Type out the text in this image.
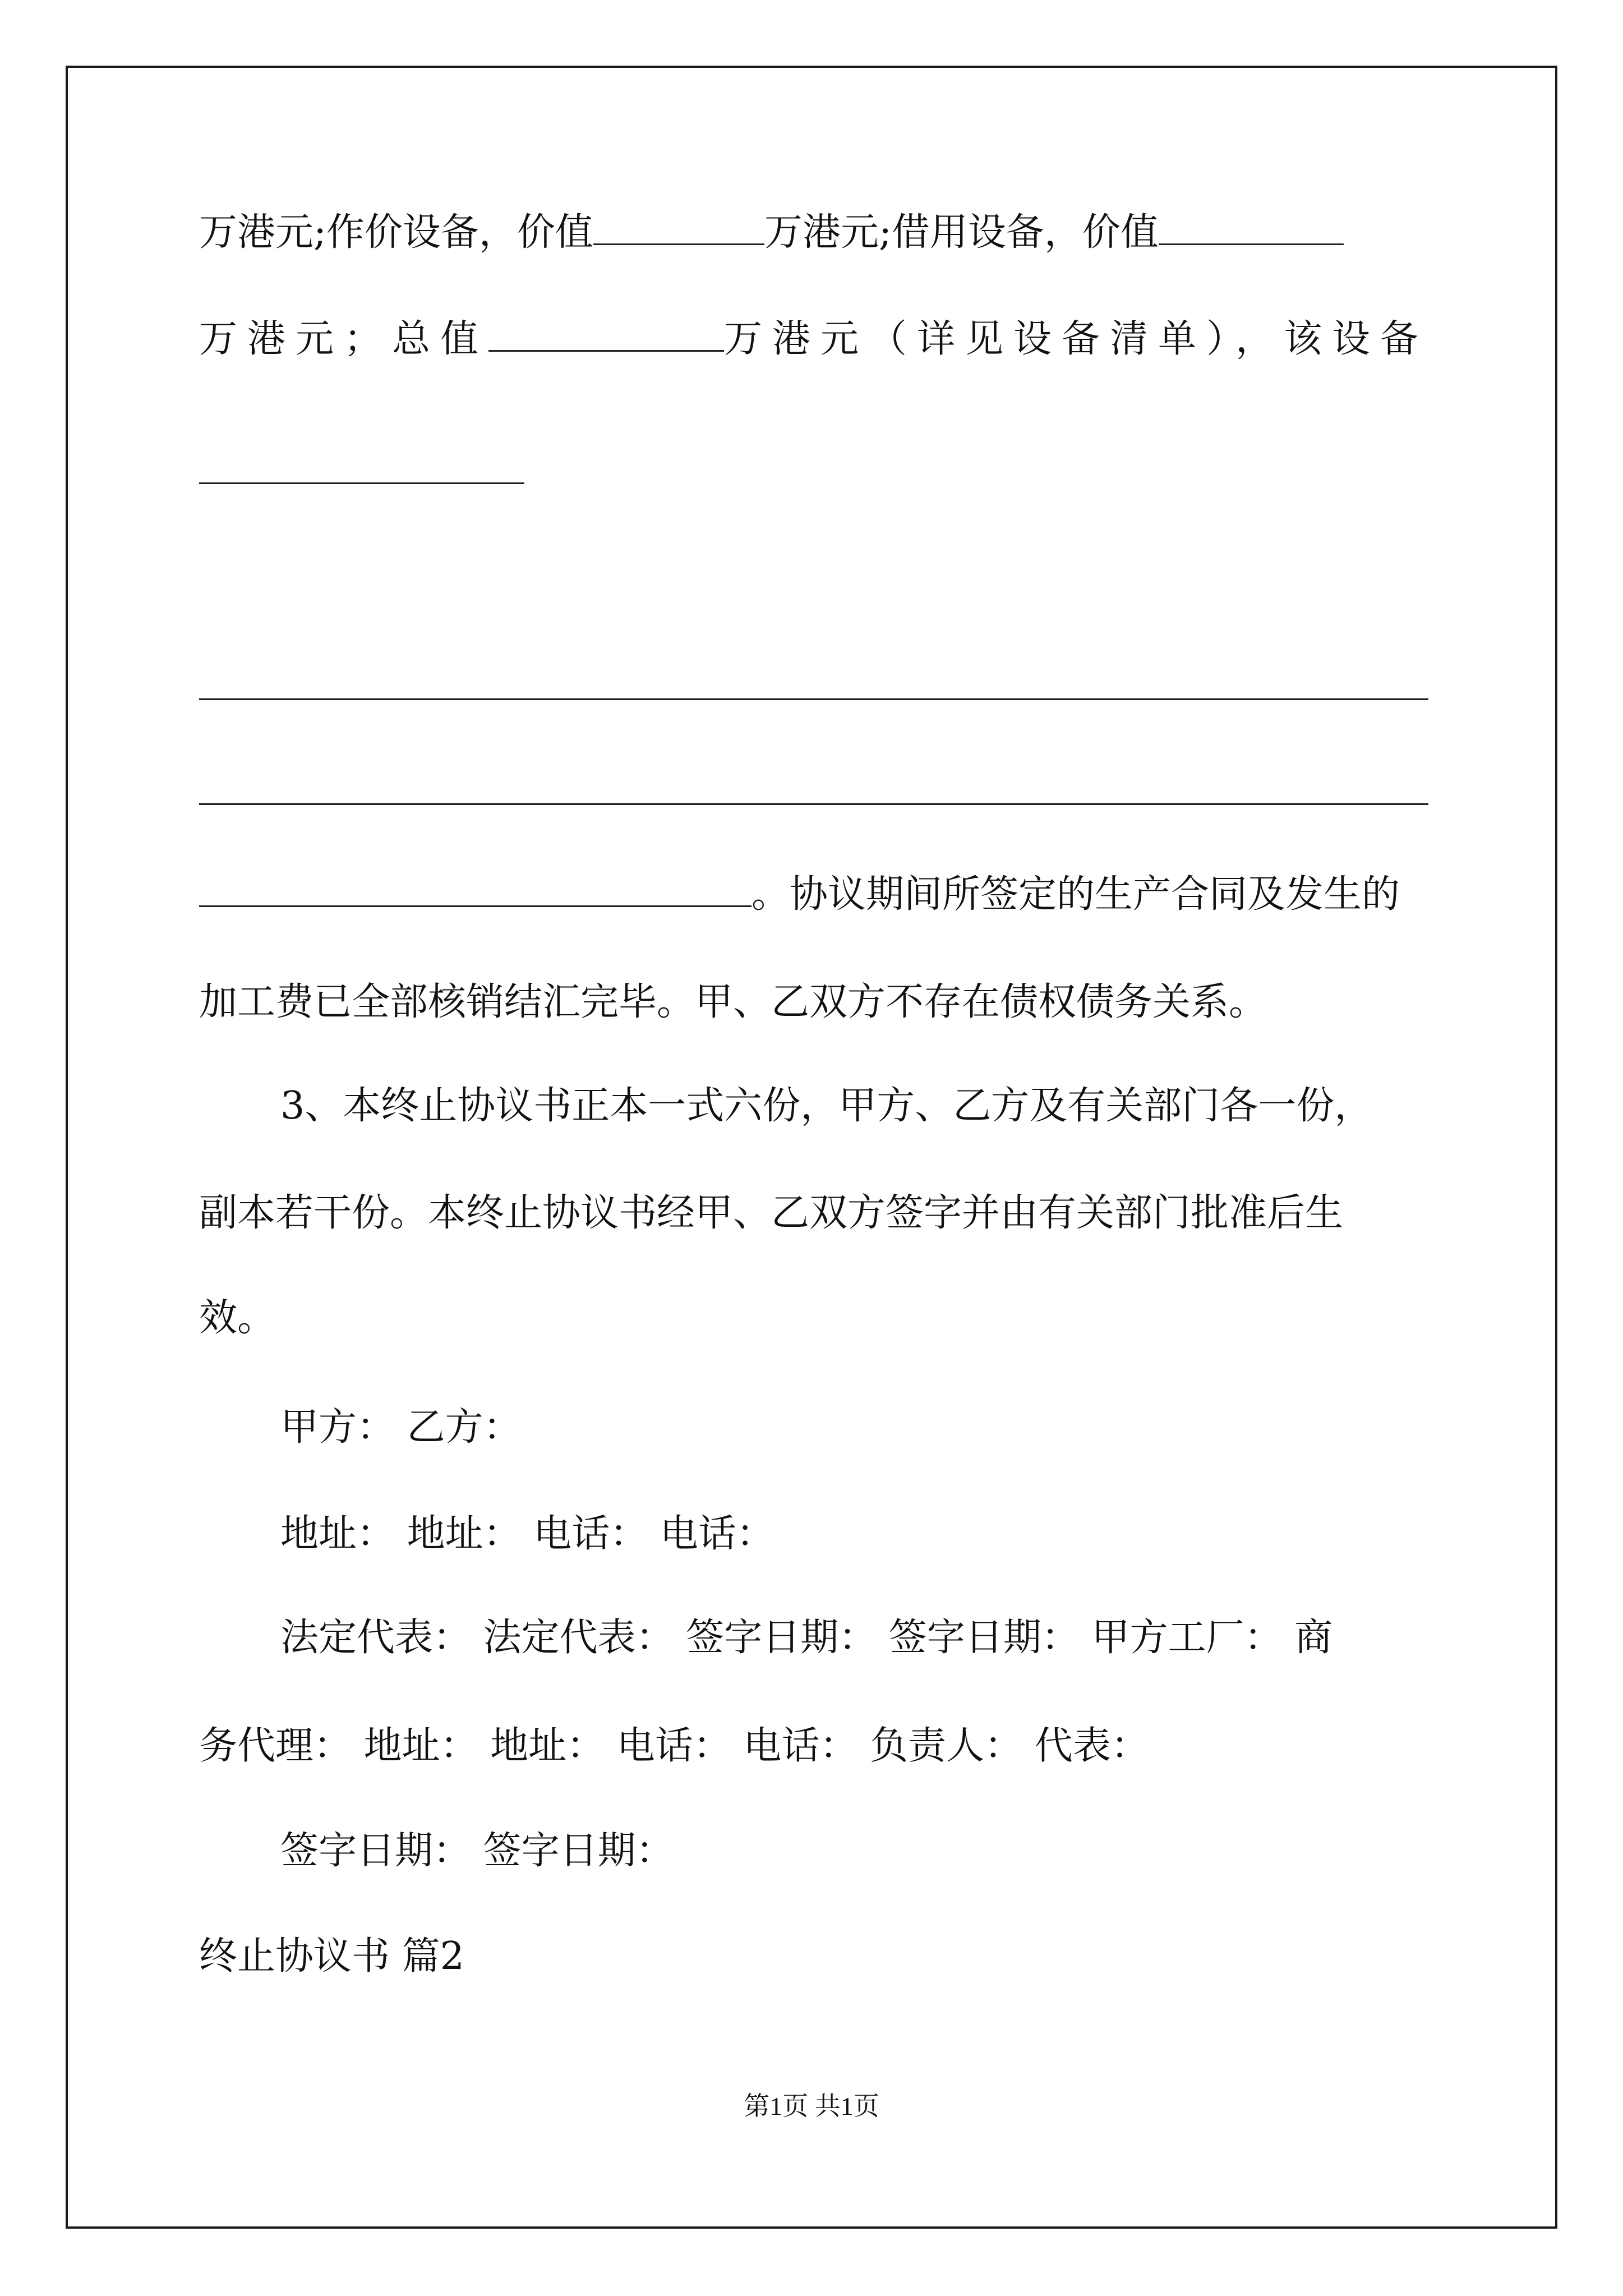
万港元;作价设备，价值	万港元;借用设备，价值
万港元；总值	万港元（详见设备清单），该设备
。协议期间所签定的生产合同及发生的
加工费已全部核销结汇完毕。甲、乙双方不存在债权债务关系。
3、本终止协议书正本一式六份，甲方、乙方及有关部门各一份，
副本若干份。本终止协议书经甲、乙双方签字并由有关部门批准后生
效。
甲方： 乙方：
地址： 地址： 电话： 电话：
法定代表： 法定代表： 签字日期： 签字日期： 甲方工厂： 商
务代理： 地址： 地址： 电话： 电话： 负责人： 代表：
签字日期： 签字日期：
终止协议书 篇2
第1页 共1页
